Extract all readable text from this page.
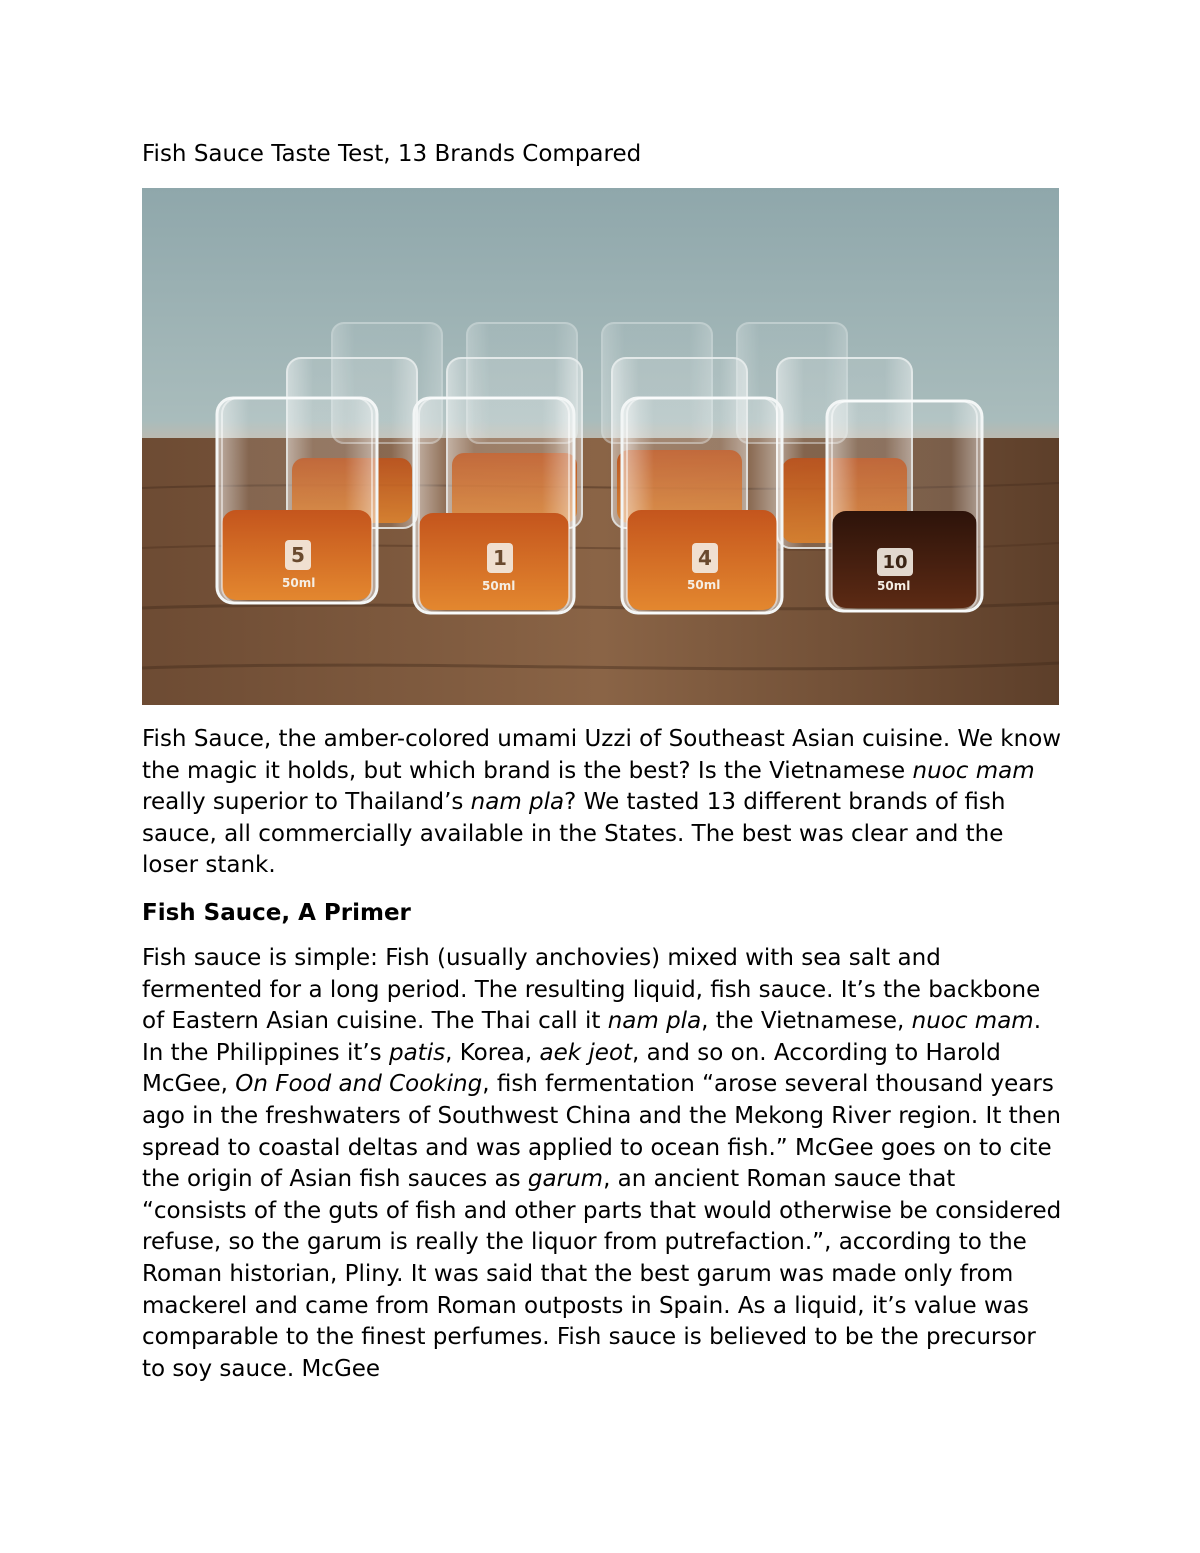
Fish Sauce Taste Test, 13 Brands Compared
5
50ml
1
50ml
4
50ml
10
50ml

Fish Sauce, the amber-colored umami Uzzi of Southeast Asian cuisine. We know the magic it holds, but which brand is the best? Is the Vietnamese nuoc mam really superior to Thailand’s nam pla? We tasted 13 different brands of fish sauce, all commercially available in the States. The best was clear and the loser stank.

Fish Sauce, A Primer

Fish sauce is simple: Fish (usually anchovies) mixed with sea salt and fermented for a long period. The resulting liquid, fish sauce. It’s the backbone of Eastern Asian cuisine. The Thai call it nam pla, the Vietnamese, nuoc mam. In the Philippines it’s patis, Korea, aek jeot, and so on. According to Harold McGee, On Food and Cooking, fish fermentation “arose several thousand years ago in the freshwaters of Southwest China and the Mekong River region. It then spread to coastal deltas and was applied to ocean fish.” McGee goes on to cite the origin of Asian fish sauces as garum, an ancient Roman sauce that “consists of the guts of fish and other parts that would otherwise be considered refuse, so the garum is really the liquor from putrefaction.”, according to the Roman historian, Pliny. It was said that the best garum was made only from mackerel and came from Roman outposts in Spain. As a liquid, it’s value was comparable to the finest perfumes. Fish sauce is believed to be the precursor to soy sauce. McGee
